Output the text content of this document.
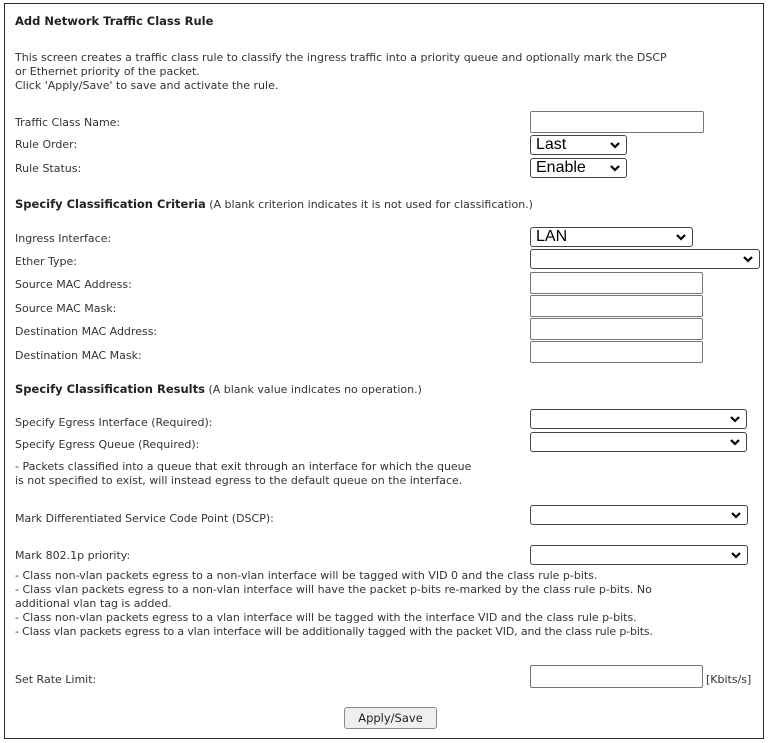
Add Network Traffic Class Rule
This screen creates a traffic class rule to classify the ingress traffic into a priority queue and optionally mark the DSCP
or Ethernet priority of the packet.
Click 'Apply/Save' to save and activate the rule.
Traffic Class Name:
Rule Order:	Last
Rule Status:	Enable
Specify Classification Criteria (A blank criterion indicates it is not used for classification.)
Ingress Interface:	LAN
Ether Type:
Source MAC Address:
Source MAC Mask:
Destination MAC Address:
Destination MAC Mask:
Specify Classification Results (A blank value indicates no operation.)
Specify Egress Interface (Required):
Specify Egress Queue (Required):
- Packets classified into a queue that exit through an interface for which the queue
is not specified to exist, will instead egress to the default queue on the interface.
Mark Differentiated Service Code Point (DSCP):
Mark 802.1p priority:
- Class non-vlan packets egress to a non-vlan interface will be tagged with VID 0 and the class rule p-bits.
- Class vlan packets egress to a non-vlan interface will have the packet p-bits re-marked by the class rule p-bits. No
additional vlan tag is added.
- Class non-vlan packets egress to a vlan interface will be tagged with the interface VID and the class rule p-bits.
- Class vlan packets egress to a vlan interface will be additionally tagged with the packet VID, and the class rule p-bits.
Set Rate Limit:	[Kbits/s]
Apply/Save
